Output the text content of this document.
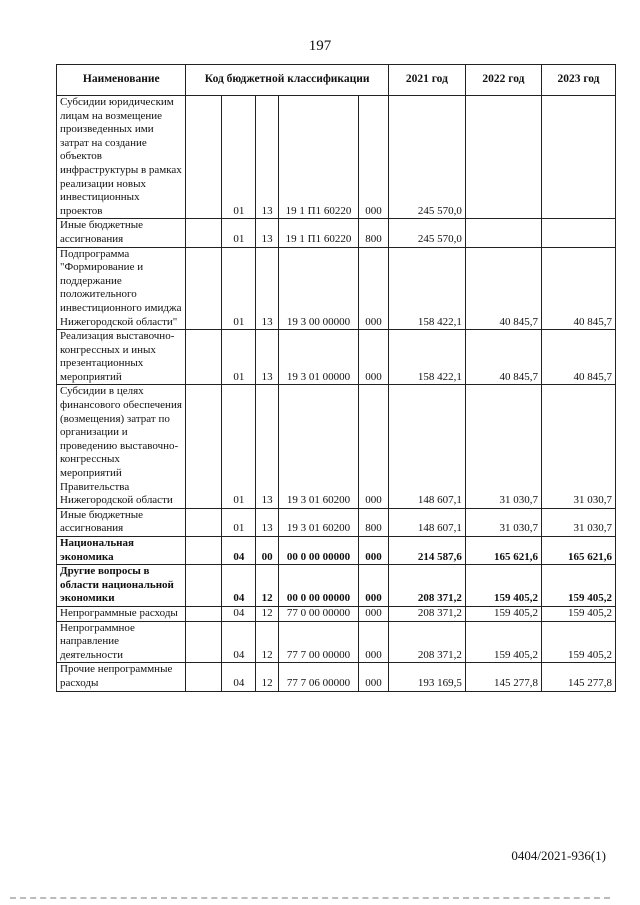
197
Наименование	Код бюджетной классификации					2021 год	2022 год	2023 год
Субсидии юридическим лицам на возмещение произведенных ими затрат на создание объектов инфраструктуры в рамках реализации новых инвестиционных проектов		01	13	19 1 П1 60220	000	245 570,0		
Иные бюджетные ассигнования		01	13	19 1 П1 60220	800	245 570,0		
Подпрограмма "Формирование и поддержание положительного инвестиционного имиджа Нижегородской области"		01	13	19 3 00 00000	000	158 422,1	40 845,7	40 845,7
Реализация выставочно-конгрессных и иных презентационных мероприятий		01	13	19 3 01 00000	000	158 422,1	40 845,7	40 845,7
Субсидии в целях финансового обеспечения (возмещения) затрат по организации и проведению выставочно-конгрессных мероприятий Правительства Нижегородской области		01	13	19 3 01 60200	000	148 607,1	31 030,7	31 030,7
Иные бюджетные ассигнования		01	13	19 3 01 60200	800	148 607,1	31 030,7	31 030,7
Национальная экономика		04	00	00 0 00 00000	000	214 587,6	165 621,6	165 621,6
Другие вопросы в области национальной экономики		04	12	00 0 00 00000	000	208 371,2	159 405,2	159 405,2
Непрограммные расходы		04	12	77 0 00 00000	000	208 371,2	159 405,2	159 405,2
Непрограммное направление деятельности		04	12	77 7 00 00000	000	208 371,2	159 405,2	159 405,2
Прочие непрограммные расходы		04	12	77 7 06 00000	000	193 169,5	145 277,8	145 277,8
0404/2021-936(1)
